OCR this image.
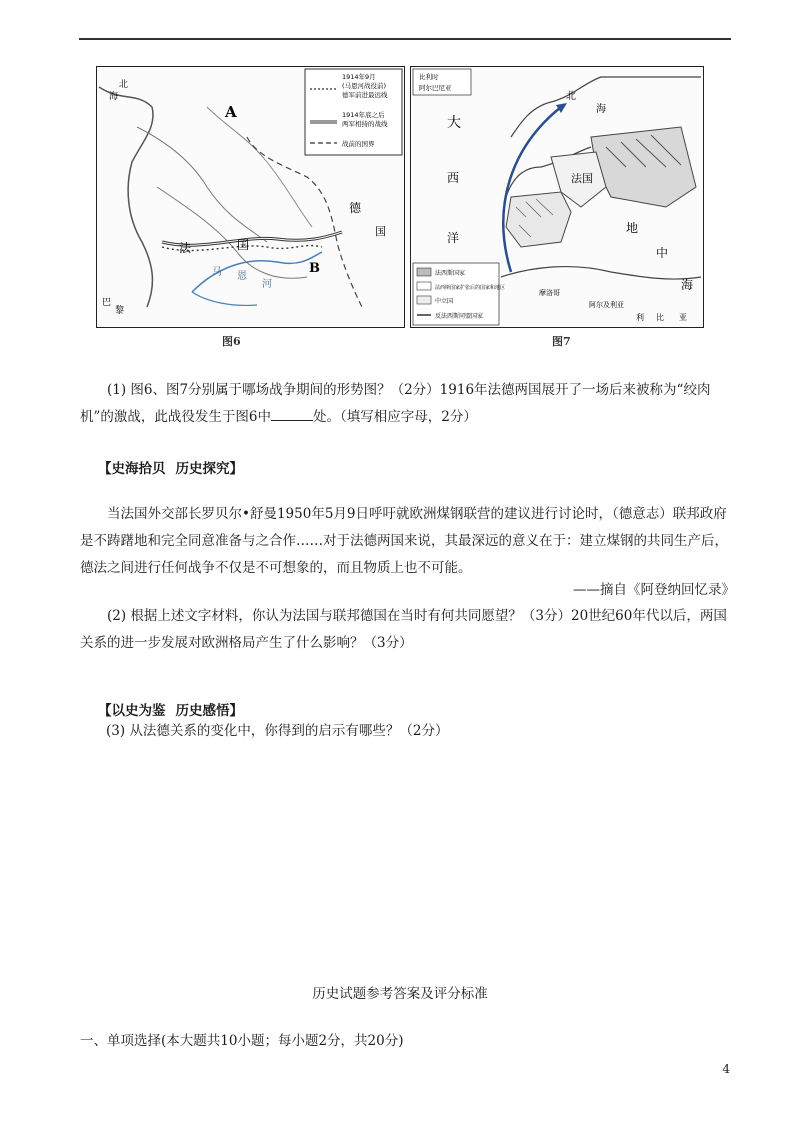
北
海
A
B
德
国
法	国
马 恩
河
巴
黎
1914年9月
(马恩河战役前)
德军前进最远线
1914年底之后
两军相持的战线
战前的国界
比利时
阿尔巴尼亚
大
西
洋
北
海
法国
地
中
海
摩洛哥
阿尔及利亚
利 比 亚
法西斯国家
法西斯国家扩张后的国家和地区
中立国
反法西斯同盟国家
图6	图7
(1) 图6、图7分别属于哪场战争期间的形势图？（2分）1916年法德两国展开了一场后来被称为“绞肉机”的激战，此战役发生于图6中	处。（填写相应字母，2分）
【史海拾贝 历史探究】
当法国外交部长罗贝尔•舒曼1950年5月9日呼吁就欧洲煤钢联营的建议进行讨论时，（德意志）联邦政府是不踌躇地和完全同意准备与之合作……对于法德两国来说，其最深远的意义在于：建立煤钢的共同生产后，德法之间进行任何战争不仅是不可想象的，而且物质上也不可能。
——摘自《阿登纳回忆录》
(2) 根据上述文字材料，你认为法国与联邦德国在当时有何共同愿望？（3分）20世纪60年代以后，两国关系的进一步发展对欧洲格局产生了什么影响？（3分）
【以史为鉴 历史感悟】
(3) 从法德关系的变化中，你得到的启示有哪些？（2分）
历史试题参考答案及评分标准
一、单项选择(本大题共10小题；每小题2分，共20分)
4
